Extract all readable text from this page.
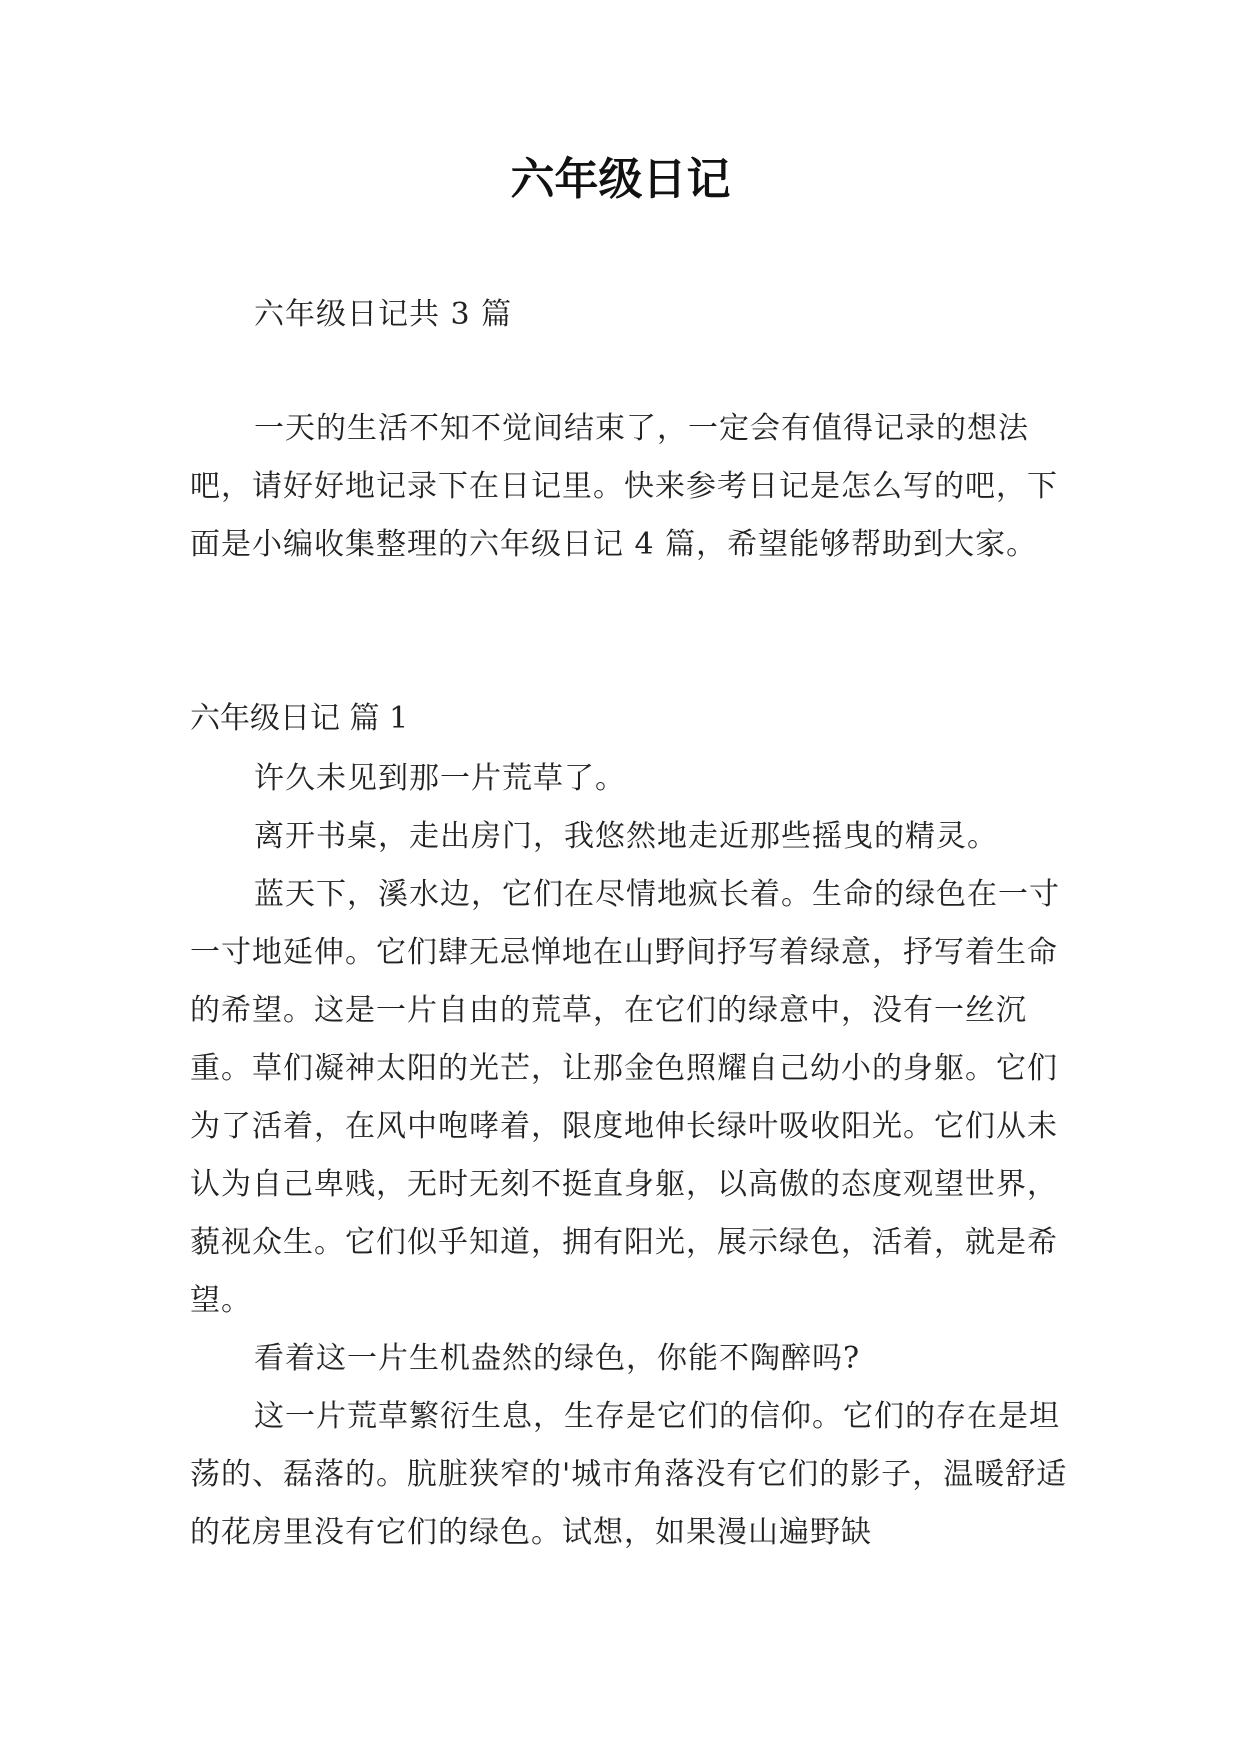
六年级日记

六年级日记共 3 篇

一天的生活不知不觉间结束了，一定会有值得记录的想法吧，请好好地记录下在日记里。快来参考日记是怎么写的吧，下面是小编收集整理的六年级日记 4 篇，希望能够帮助到大家。

六年级日记 篇 1

许久未见到那一片荒草了。

离开书桌，走出房门，我悠然地走近那些摇曳的精灵。

蓝天下，溪水边，它们在尽情地疯长着。生命的绿色在一寸一寸地延伸。它们肆无忌惮地在山野间抒写着绿意，抒写着生命的希望。这是一片自由的荒草，在它们的绿意中，没有一丝沉重。草们凝神太阳的光芒，让那金色照耀自己幼小的身躯。它们为了活着，在风中咆哮着，限度地伸长绿叶吸收阳光。它们从未认为自己卑贱，无时无刻不挺直身躯，以高傲的态度观望世界，藐视众生。它们似乎知道，拥有阳光，展示绿色，活着，就是希望。

看着这一片生机盎然的绿色，你能不陶醉吗?

这一片荒草繁衍生息，生存是它们的信仰。它们的存在是坦荡的、磊落的。肮脏狭窄的'城市角落没有它们的影子，温暖舒适的花房里没有它们的绿色。试想，如果漫山遍野缺
